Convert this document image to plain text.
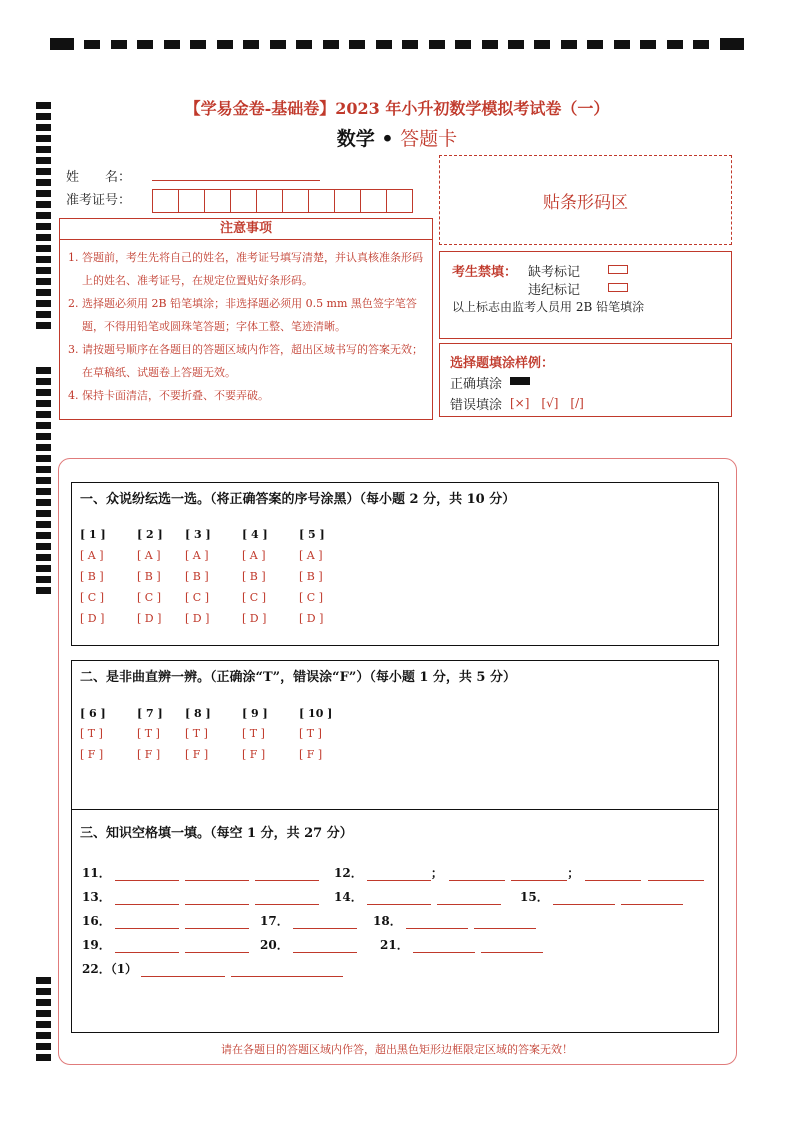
【学易金卷-基础卷】2023 年小升初数学模拟考试卷（一）
数学 • 答题卡
姓　　名：
准考证号：
注意事项
1. 答题前，考生先将自己的姓名，准考证号填写清楚，并认真核准条形码上的姓名、准考证号，在规定位置贴好条形码。
2. 选择题必须用 2B 铅笔填涂；非选择题必须用 0.5 mm 黑色签字笔答题，不得用铅笔或圆珠笔答题；字体工整、笔迹清晰。
3. 请按题号顺序在各题目的答题区域内作答，超出区域书写的答案无效；在草稿纸、试题卷上答题无效。
4. 保持卡面清洁，不要折叠、不要弄破。
贴条形码区
考生禁填： 缺考标记
违纪标记
以上标志由监考人员用 2B 铅笔填涂
选择题填涂样例：
正确填涂
错误填涂 [×]　[√]　[/]
一、众说纷纭选一选。（将正确答案的序号涂黑）（每小题 2 分，共 10 分）
[ 1 ]	[ 2 ]	[ 3 ]	[ 4 ]	[ 5 ]
[ A ]	[ A ]	[ A ]	[ A ]	[ A ]
[ B ]	[ B ]	[ B ]	[ B ]	[ B ]
[ C ]	[ C ]	[ C ]	[ C ]	[ C ]
[ D ]	[ D ]	[ D ]	[ D ]	[ D ]
二、是非曲直辨一辨。（正确涂“T”，错误涂“F”）（每小题 1 分，共 5 分）
[ 6 ]	[ 7 ]	[ 8 ]	[ 9 ]	[ 10 ]
[ T ]	[ T ]	[ T ]	[ T ]	[ T ]
[ F ]	[ F ]	[ F ]	[ F ]	[ F ]
三、知识空格填一填。（每空 1 分，共 27 分）
11．	12．	；	；
13．	14．	15．
16．	17．	18．
19．	20．	21．
22．（1）
请在各题目的答题区域内作答，超出黑色矩形边框限定区域的答案无效！
